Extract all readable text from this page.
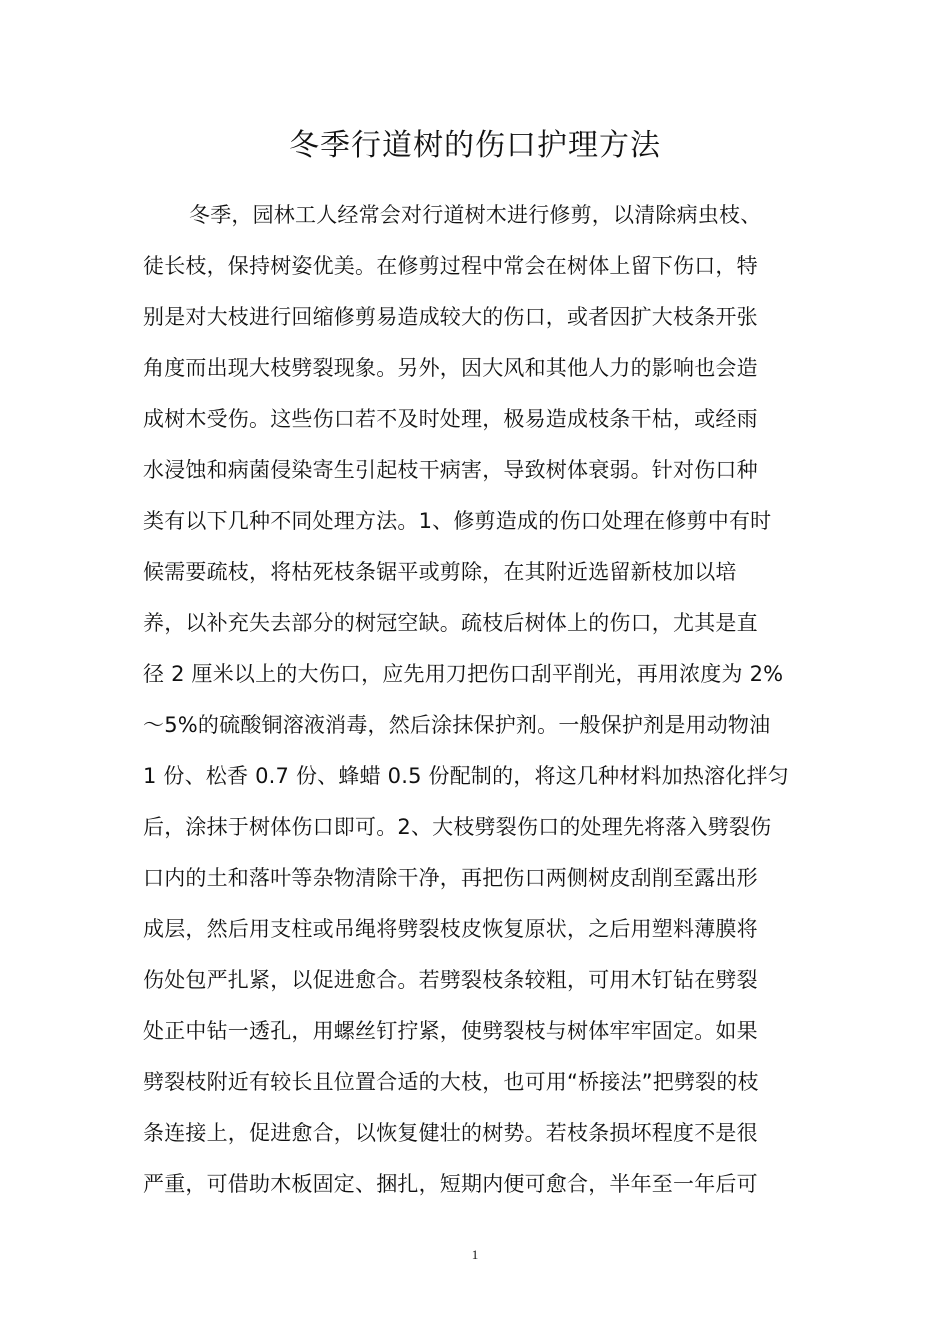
冬季行道树的伤口护理方法
冬季，园林工人经常会对行道树木进行修剪，以清除病虫枝、
徒长枝，保持树姿优美。在修剪过程中常会在树体上留下伤口，特
别是对大枝进行回缩修剪易造成较大的伤口，或者因扩大枝条开张
角度而出现大枝劈裂现象。另外，因大风和其他人力的影响也会造
成树木受伤。这些伤口若不及时处理，极易造成枝条干枯，或经雨
水浸蚀和病菌侵染寄生引起枝干病害，导致树体衰弱。针对伤口种
类有以下几种不同处理方法。1、修剪造成的伤口处理在修剪中有时
候需要疏枝，将枯死枝条锯平或剪除，在其附近选留新枝加以培
养，以补充失去部分的树冠空缺。疏枝后树体上的伤口，尤其是直
径 2 厘米以上的大伤口，应先用刀把伤口刮平削光，再用浓度为 2%
～5%的硫酸铜溶液消毒，然后涂抹保护剂。一般保护剂是用动物油
1 份、松香 0.7 份、蜂蜡 0.5 份配制的，将这几种材料加热溶化拌匀
后，涂抹于树体伤口即可。2、大枝劈裂伤口的处理先将落入劈裂伤
口内的土和落叶等杂物清除干净，再把伤口两侧树皮刮削至露出形
成层，然后用支柱或吊绳将劈裂枝皮恢复原状，之后用塑料薄膜将
伤处包严扎紧，以促进愈合。若劈裂枝条较粗，可用木钉钻在劈裂
处正中钻一透孔，用螺丝钉拧紧，使劈裂枝与树体牢牢固定。如果
劈裂枝附近有较长且位置合适的大枝，也可用“桥接法”把劈裂的枝
条连接上，促进愈合，以恢复健壮的树势。若枝条损坏程度不是很
严重，可借助木板固定、捆扎，短期内便可愈合，半年至一年后可
1
